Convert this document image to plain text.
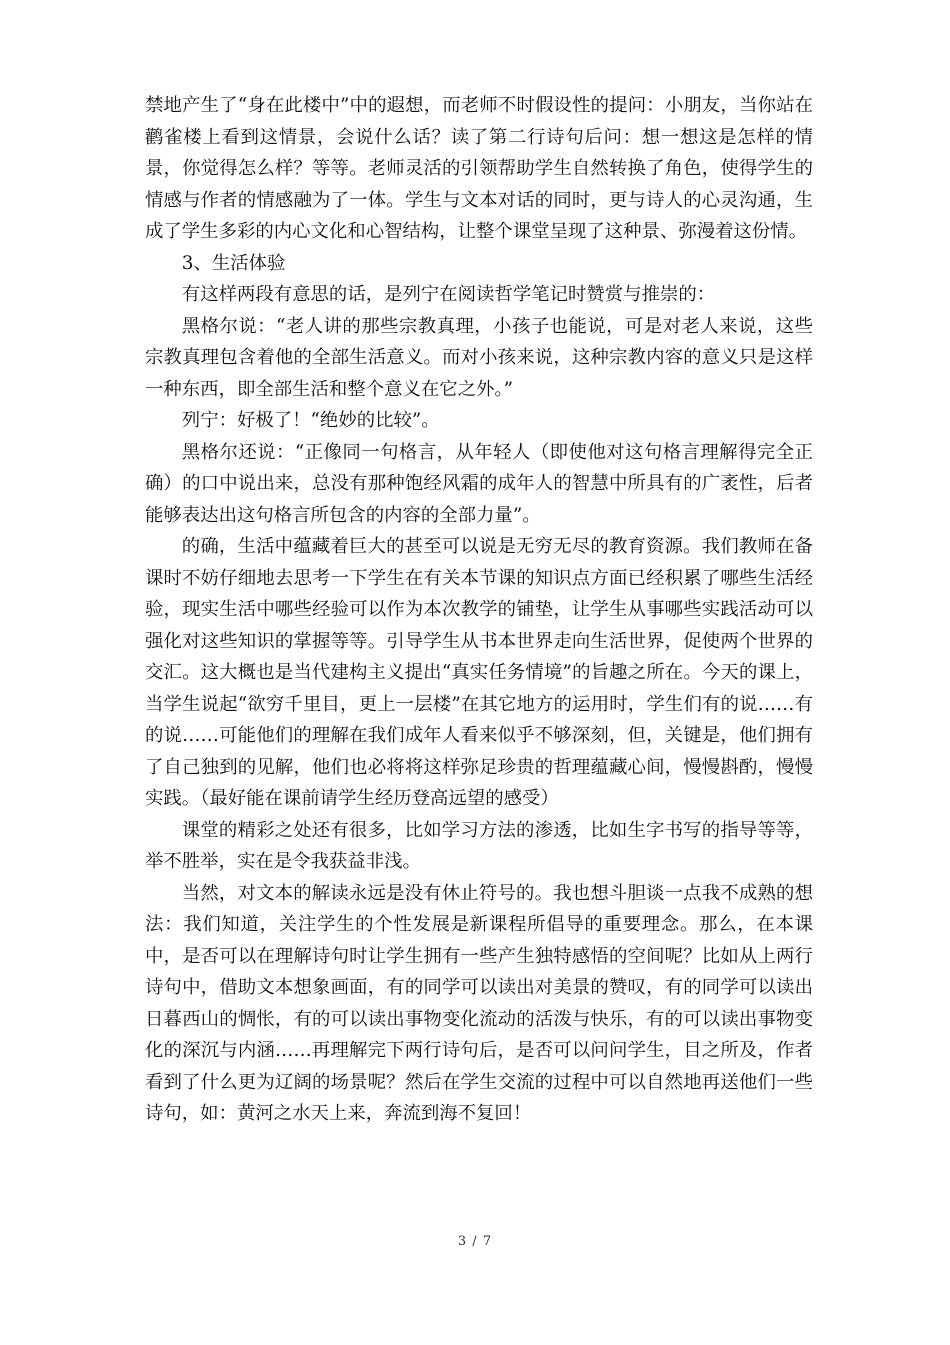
禁地产生了“身在此楼中”中的遐想，而老师不时假设性的提问：小朋友，当你站在鹳雀楼上看到这情景，会说什么话？读了第二行诗句后问：想一想这是怎样的情景，你觉得怎么样？等等。老师灵活的引领帮助学生自然转换了角色，使得学生的情感与作者的情感融为了一体。学生与文本对话的同时，更与诗人的心灵沟通，生成了学生多彩的内心文化和心智结构，让整个课堂呈现了这种景、弥漫着这份情。

3、生活体验

有这样两段有意思的话，是列宁在阅读哲学笔记时赞赏与推崇的：

黑格尔说：“老人讲的那些宗教真理，小孩子也能说，可是对老人来说，这些宗教真理包含着他的全部生活意义。而对小孩来说，这种宗教内容的意义只是这样一种东西，即全部生活和整个意义在它之外。”

列宁：好极了！“绝妙的比较”。

黑格尔还说：“正像同一句格言，从年轻人（即使他对这句格言理解得完全正确）的口中说出来，总没有那种饱经风霜的成年人的智慧中所具有的广袤性，后者能够表达出这句格言所包含的内容的全部力量”。

的确，生活中蕴藏着巨大的甚至可以说是无穷无尽的教育资源。我们教师在备课时不妨仔细地去思考一下学生在有关本节课的知识点方面已经积累了哪些生活经验，现实生活中哪些经验可以作为本次教学的铺垫，让学生从事哪些实践活动可以强化对这些知识的掌握等等。引导学生从书本世界走向生活世界，促使两个世界的交汇。这大概也是当代建构主义提出“真实任务情境”的旨趣之所在。今天的课上，当学生说起“欲穷千里目，更上一层楼”在其它地方的运用时，学生们有的说……有的说……可能他们的理解在我们成年人看来似乎不够深刻，但，关键是，他们拥有了自己独到的见解，他们也必将将这样弥足珍贵的哲理蕴藏心间，慢慢斟酌，慢慢实践。（最好能在课前请学生经历登高远望的感受）

课堂的精彩之处还有很多，比如学习方法的渗透，比如生字书写的指导等等，举不胜举，实在是令我获益非浅。

当然，对文本的解读永远是没有休止符号的。我也想斗胆谈一点我不成熟的想法：我们知道，关注学生的个性发展是新课程所倡导的重要理念。那么，在本课中，是否可以在理解诗句时让学生拥有一些产生独特感悟的空间呢？比如从上两行诗句中，借助文本想象画面，有的同学可以读出对美景的赞叹，有的同学可以读出日暮西山的惆怅，有的可以读出事物变化流动的活泼与快乐，有的可以读出事物变化的深沉与内涵……再理解完下两行诗句后，是否可以问问学生，目之所及，作者看到了什么更为辽阔的场景呢？然后在学生交流的过程中可以自然地再送他们一些诗句，如：黄河之水天上来，奔流到海不复回！

3 / 7
